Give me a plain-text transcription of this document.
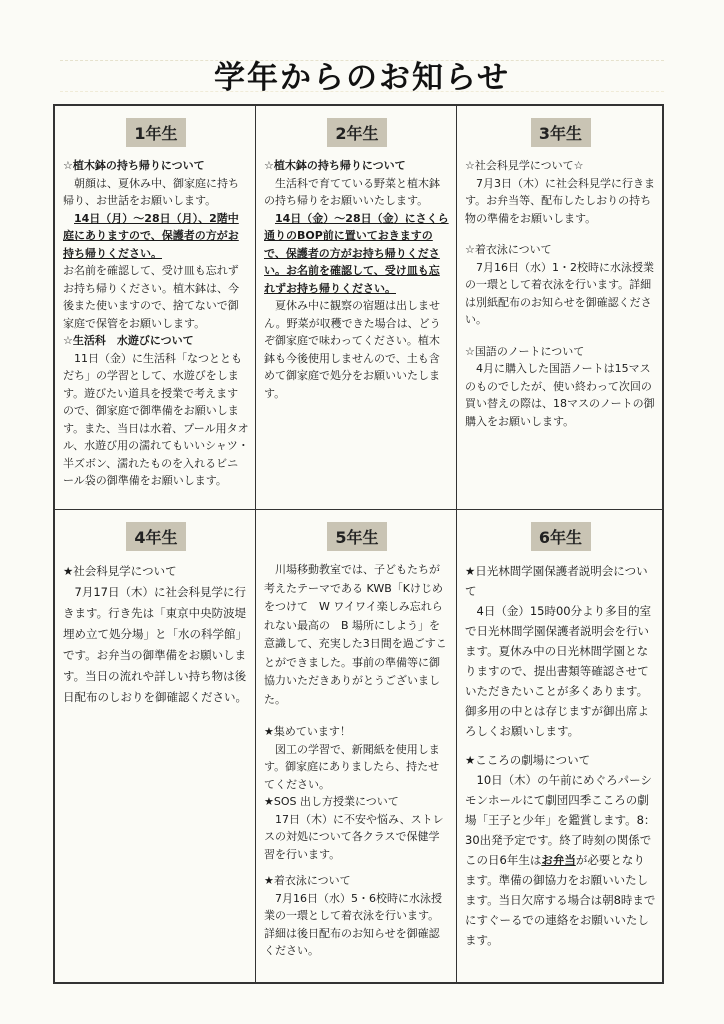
学年からのお知らせ
1年生

☆植木鉢の持ち帰りについて

朝顔は、夏休み中、御家庭に持ち帰り、お世話をお願いします。

14日（月）～28日（月）、2階中庭にありますので、保護者の方がお持ち帰りください。

お名前を確認して、受け皿も忘れずお持ち帰りください。植木鉢は、今後また使いますので、捨てないで御家庭で保管をお願いします。

☆生活科　水遊びについて

11日（金）に生活科「なつとともだち」の学習として、水遊びをします。遊びたい道具を授業で考えますので、御家庭で御準備をお願いします。また、当日は水着、プール用タオル、水遊び用の濡れてもいいシャツ・半ズボン、濡れたものを入れるビニール袋の御準備をお願いします。

2年生

☆植木鉢の持ち帰りについて

生活科で育てている野菜と植木鉢の持ち帰りをお願いいたします。

14日（金）～28日（金）にさくら通りのBOP前に置いておきますので、保護者の方がお持ち帰りください。お名前を確認して、受け皿も忘れずお持ち帰りください。

夏休み中に観察の宿題は出しません。野菜が収穫できた場合は、どうぞ御家庭で味わってください。植木鉢も今後使用しませんので、土も含めて御家庭で処分をお願いいたします。

3年生

☆社会科見学について☆

7月3日（木）に社会科見学に行きます。お弁当等、配布したしおりの持ち物の準備をお願いします。

☆着衣泳について

7月16日（水）1・2校時に水泳授業の一環として着衣泳を行います。詳細は別紙配布のお知らせを御確認ください。

☆国語のノートについて

4月に購入した国語ノートは15マスのものでしたが、使い終わって次回の買い替えの際は、18マスのノートの御購入をお願いします。

4年生

★社会科見学について

7月17日（木）に社会科見学に行きます。行き先は「東京中央防波堤埋め立て処分場」と「水の科学館」です。お弁当の御準備をお願いします。当日の流れや詳しい持ち物は後日配布のしおりを御確認ください。

5年生

川場移動教室では、子どもたちが考えたテーマである KWB「Kけじめをつけて　W ワイワイ楽しみ忘れられない最高の　B 場所にしよう」を意識して、充実した3日間を過ごすことができました。事前の準備等に御協力いただきありがとうございました。

★集めています！

図工の学習で、新聞紙を使用します。御家庭にありましたら、持たせてください。

★SOS 出し方授業について

17日（木）に不安や悩み、ストレスの対処について各クラスで保健学習を行います。

★着衣泳について

7月16日（水）5・6校時に水泳授業の一環として着衣泳を行います。詳細は後日配布のお知らせを御確認ください。

6年生

★日光林間学園保護者説明会について

4日（金）15時00分より多目的室で日光林間学園保護者説明会を行います。夏休み中の日光林間学園となりますので、提出書類等確認させていただきたいことが多くあります。御多用の中とは存じますが御出席よろしくお願いします。

★こころの劇場について

10日（木）の午前にめぐろパーシモンホールにて劇団四季こころの劇場「王子と少年」を鑑賞します。8：30出発予定です。終了時刻の関係でこの日6年生はお弁当が必要となります。準備の御協力をお願いいたします。当日欠席する場合は朝8時までにすぐーるでの連絡をお願いいたします。
